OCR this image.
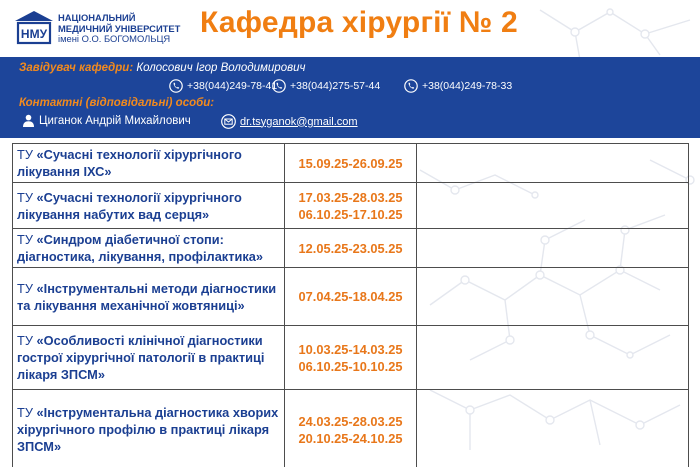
НМУ
НАЦІОНАЛЬНИЙ
МЕДИЧНИЙ УНІВЕРСИТЕТ
імені О.О. БОГОМОЛЬЦЯ Кафедра хірургії № 2
Завідувач кафедри: Колосович Ігор Володимирович
+38(044)249-78-41 +38(044)275-57-44	+38(044)249-78-33
Контактні (відповідальні) особи:
Циганок Андрій Михайлович	dr.tsyganok@gmail.com
ТУ «Сучасні технології хірургічного лікування ІХС»	15.09.25-26.09.25	

ТУ «Сучасні технології хірургічного лікування набутих вад серця»	17.03.25-28.03.25
06.10.25-17.10.25	

ТУ «Синдром діабетичної стопи: діагностика, лікування, профілактика»	12.05.25-23.05.25	

ТУ «Інструментальні методи діагностики та лікування механічної жовтяниці»	07.04.25-18.04.25	

ТУ «Особливості клінічної діагностики гострої хірургічної патології в практиці лікаря ЗПСМ»	10.03.25-14.03.25
06.10.25-10.10.25	

ТУ «Інструментальна діагностика хворих хірургічного профілю в практиці лікаря ЗПСМ»	24.03.25-28.03.25
20.10.25-24.10.25	
